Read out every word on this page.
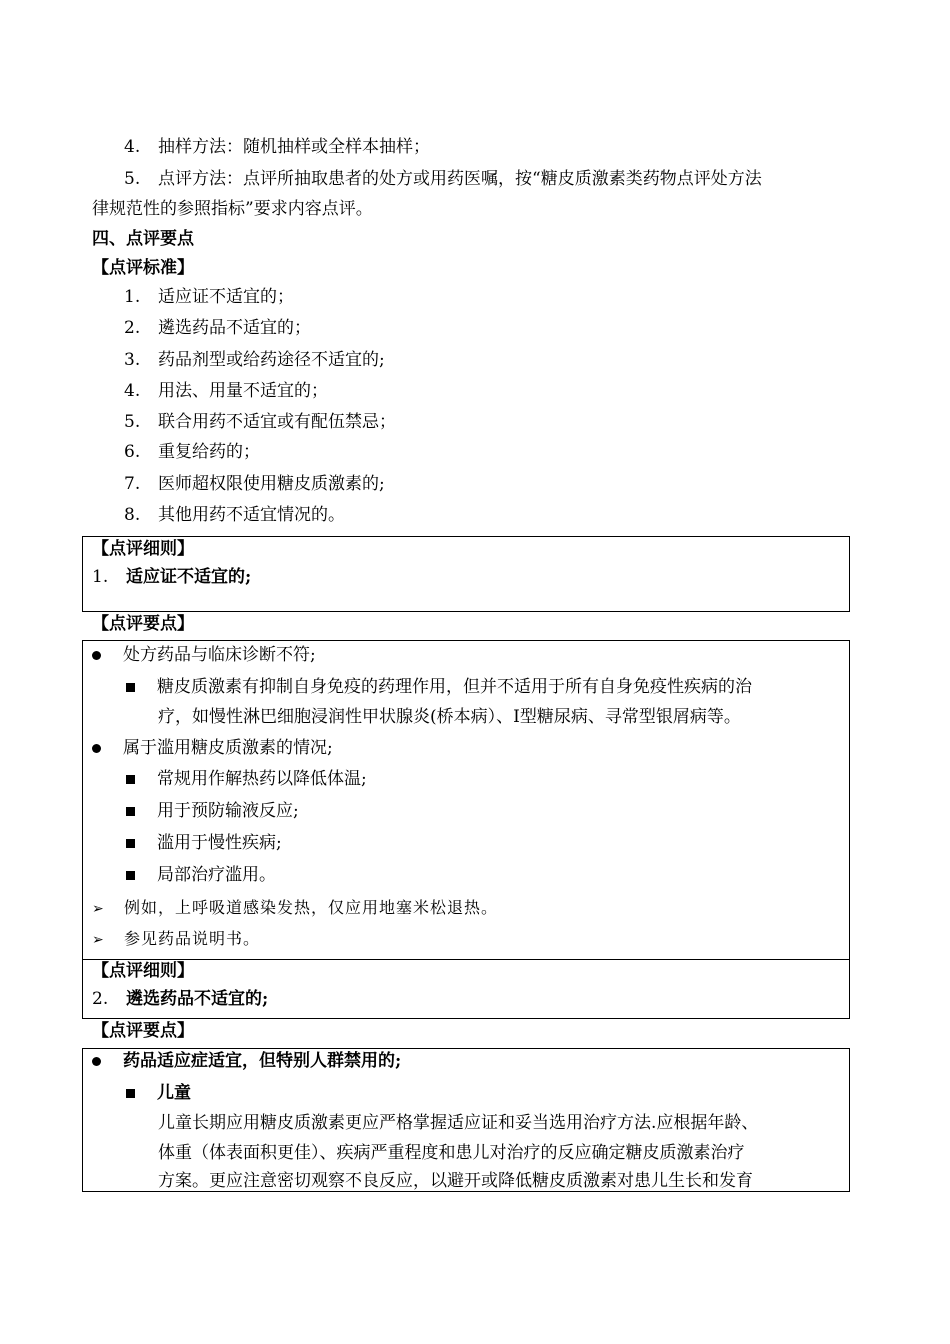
4. 抽样方法：随机抽样或全样本抽样；
5. 点评方法：点评所抽取患者的处方或用药医嘱，按“糖皮质激素类药物点评处方法
律规范性的参照指标”要求内容点评。
四、点评要点
【点评标准】
1. 适应证不适宜的；
2. 遴选药品不适宜的；
3. 药品剂型或给药途径不适宜的;
4. 用法、用量不适宜的；
5. 联合用药不适宜或有配伍禁忌；
6. 重复给药的；
7. 医师超权限使用糖皮质激素的;
8. 其他用药不适宜情况的。
【点评细则】
1. 适应证不适宜的;
【点评要点】
处方药品与临床诊断不符;
糖皮质激素有抑制自身免疫的药理作用，但并不适用于所有自身免疫性疾病的治
疗，如慢性淋巴细胞浸润性甲状腺炎(桥本病）、Ⅰ型糖尿病、寻常型银屑病等。
属于滥用糖皮质激素的情况;
常规用作解热药以降低体温;
用于预防输液反应;
滥用于慢性疾病;
局部治疗滥用。
➢ 例如，上呼吸道感染发热，仅应用地塞米松退热。
➢ 参见药品说明书。
【点评细则】
2. 遴选药品不适宜的;
【点评要点】
药品适应症适宜，但特别人群禁用的;
儿童
儿童长期应用糖皮质激素更应严格掌握适应证和妥当选用治疗方法.应根据年龄、
体重（体表面积更佳）、疾病严重程度和患儿对治疗的反应确定糖皮质激素治疗
方案。更应注意密切观察不良反应，以避开或降低糖皮质激素对患儿生长和发育
